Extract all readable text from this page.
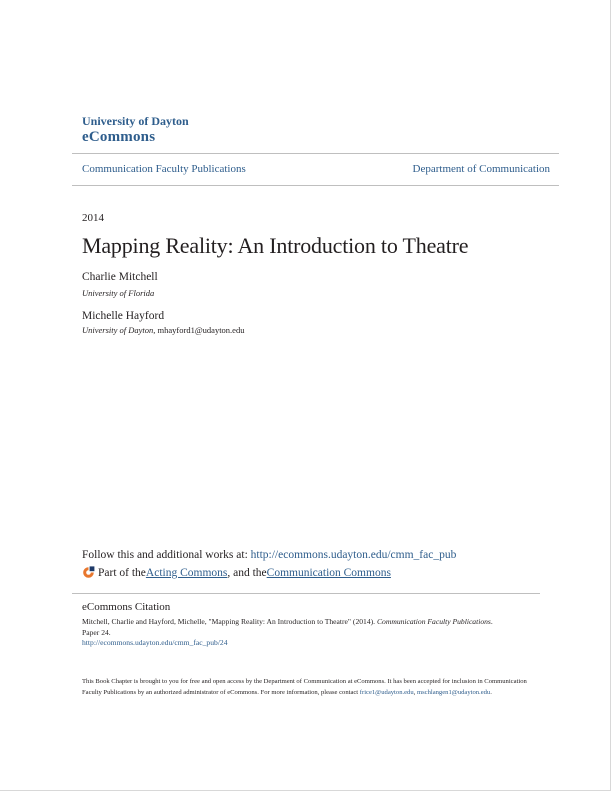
University of Dayton
eCommons
Communication Faculty Publications	Department of Communication
2014
Mapping Reality: An Introduction to Theatre
Charlie Mitchell
University of Florida
Michelle Hayford
University of Dayton, mhayford1@udayton.edu
Follow this and additional works at: http://ecommons.udayton.edu/cmm_fac_pub
Part of the Acting Commons , and the Communication Commons
eCommons Citation
Mitchell, Charlie and Hayford, Michelle, "Mapping Reality: An Introduction to Theatre" (2014). Communication Faculty Publications.
Paper 24.
http://ecommons.udayton.edu/cmm_fac_pub/24
This Book Chapter is brought to you for free and open access by the Department of Communication at eCommons. It has been accepted for inclusion in Communication Faculty Publications by an authorized administrator of eCommons. For more information, please contact frice1@udayton.edu, mschlangen1@udayton.edu.
